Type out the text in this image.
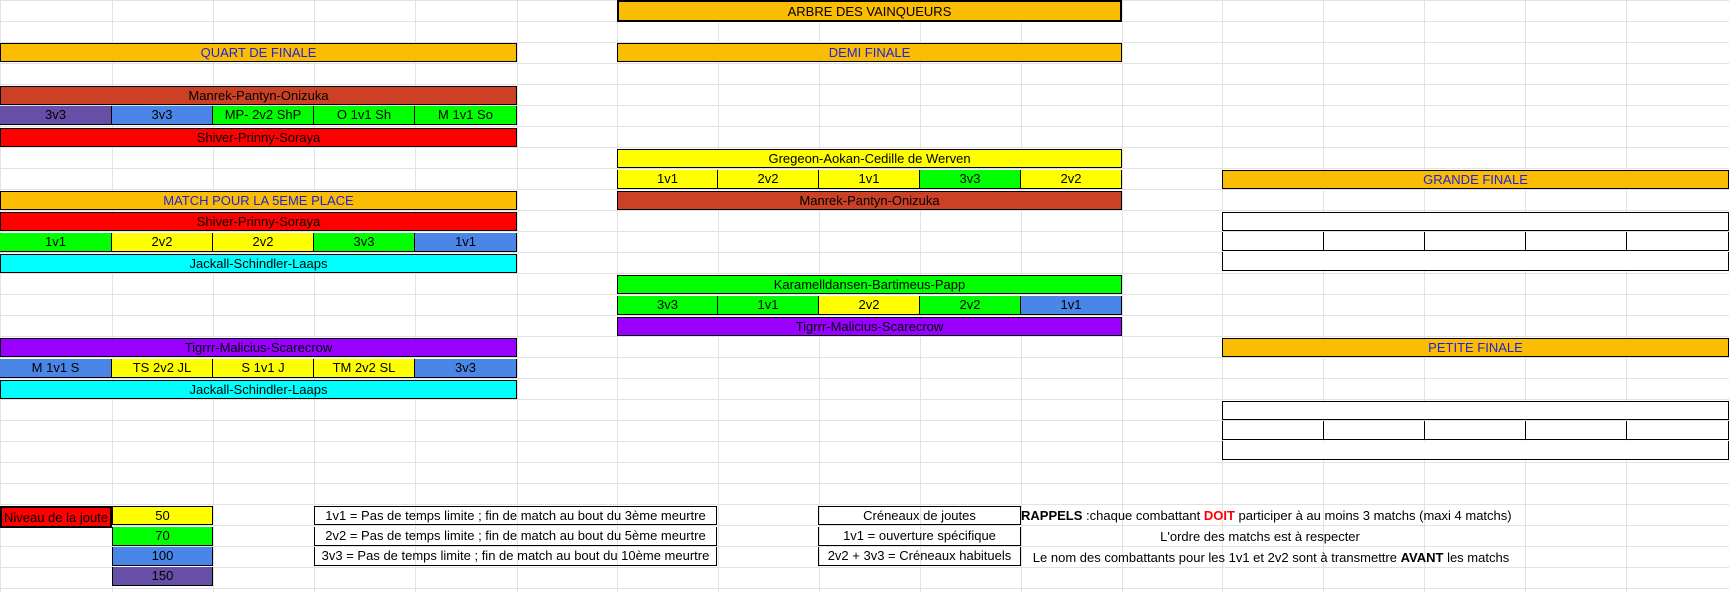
ARBRE DES VAINQUEURS
QUART DE FINALE
Manrek-Pantyn-Onizuka
3v3	3v3	MP- 2v2 ShP	O 1v1 Sh	M 1v1 So
Shiver-Prinny-Soraya
MATCH POUR LA 5EME PLACE
Shiver-Prinny-Soraya
1v1	2v2	2v2	3v3	1v1
Jackall-Schindler-Laaps
Tigrrr-Malicius-Scarecrow
M 1v1 S	TS 2v2 JL	S 1v1 J	TM 2v2 SL	3v3
Jackall-Schindler-Laaps
DEMI FINALE
Gregeon-Aokan-Cedille de Werven
1v1	2v2	1v1	3v3	2v2
Manrek-Pantyn-Onizuka
Karamelldansen-Bartimeus-Papp
3v3	1v1	2v2	2v2	1v1
Tigrrr-Malicius-Scarecrow
GRANDE FINALE
PETITE FINALE
Niveau de la joute	50
70
100
150
1v1 = Pas de temps limite ; fin de match au bout du 3ème meurtre
2v2 = Pas de temps limite ; fin de match au bout du 5ème meurtre
3v3 = Pas de temps limite ; fin de match au bout du 10ème meurtre
Créneaux de joutes
1v1 = ouverture spécifique
2v2 + 3v3 = Créneaux habituels
RAPPELS :chaque combattant DOIT participer à au moins 3 matchs (maxi 4 matchs)
L'ordre des matchs est à respecter
Le nom des combattants pour les 1v1 et 2v2 sont à transmettre AVANT les matchs
